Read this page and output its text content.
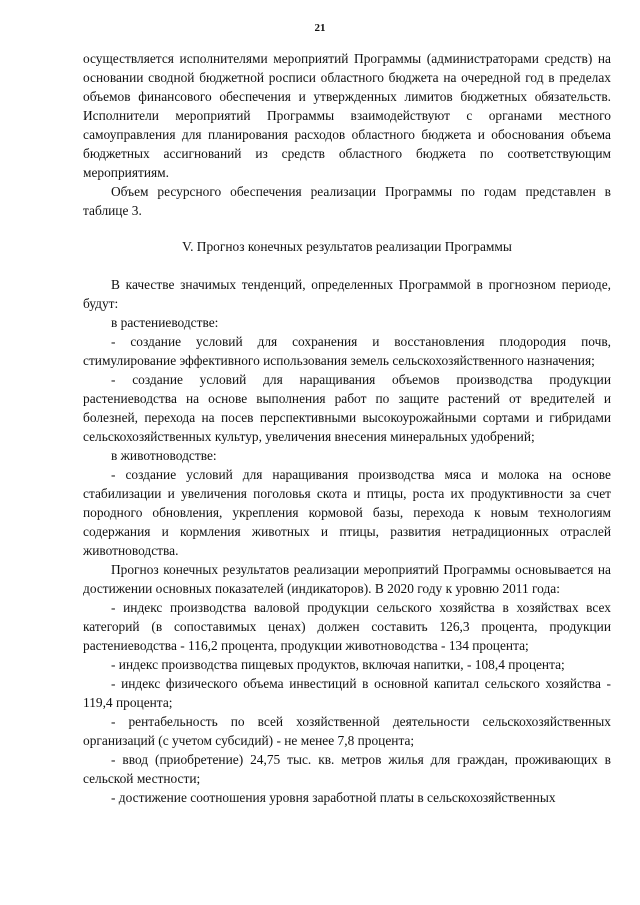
21

осуществляется исполнителями мероприятий Программы (администраторами средств) на основании сводной бюджетной росписи областного бюджета на очередной год в пределах объемов финансового обеспечения и утвержденных лимитов бюджетных обязательств. Исполнители мероприятий Программы взаимодействуют с органами местного самоуправления для планирования расходов областного бюджета и обоснования объема бюджетных ассигнований из средств областного бюджета по соответствующим мероприятиям.

Объем ресурсного обеспечения реализации Программы по годам представлен в таблице 3.

V. Прогноз конечных результатов реализации Программы

В качестве значимых тенденций, определенных Программой в прогнозном периоде, будут:

в растениеводстве:

- создание условий для сохранения и восстановления плодородия почв, стимулирование эффективного использования земель сельскохозяйственного назначения;

- создание условий для наращивания объемов производства продукции растениеводства на основе выполнения работ по защите растений от вредителей и болезней, перехода на посев перспективными высокоурожайными сортами и гибридами сельскохозяйственных культур, увеличения внесения минеральных удобрений;

в животноводстве:

- создание условий для наращивания производства мяса и молока на основе стабилизации и увеличения поголовья скота и птицы, роста их продуктивности за счет породного обновления, укрепления кормовой базы, перехода к новым технологиям содержания и кормления животных и птицы, развития нетрадиционных отраслей животноводства.

Прогноз конечных результатов реализации мероприятий Программы основывается на достижении основных показателей (индикаторов). В 2020 году к уровню 2011 года:

- индекс производства валовой продукции сельского хозяйства в хозяйствах всех категорий (в сопоставимых ценах) должен составить 126,3 процента, продукции растениеводства - 116,2 процента, продукции животноводства - 134 процента;

- индекс производства пищевых продуктов, включая напитки, - 108,4 процента;

- индекс физического объема инвестиций в основной капитал сельского хозяйства - 119,4 процента;

- рентабельность по всей хозяйственной деятельности сельскохозяйственных организаций (с учетом субсидий) - не менее 7,8 процента;

- ввод (приобретение) 24,75 тыс. кв. метров жилья для граждан, проживающих в сельской местности;

- достижение соотношения уровня заработной платы в сельскохозяйственных
